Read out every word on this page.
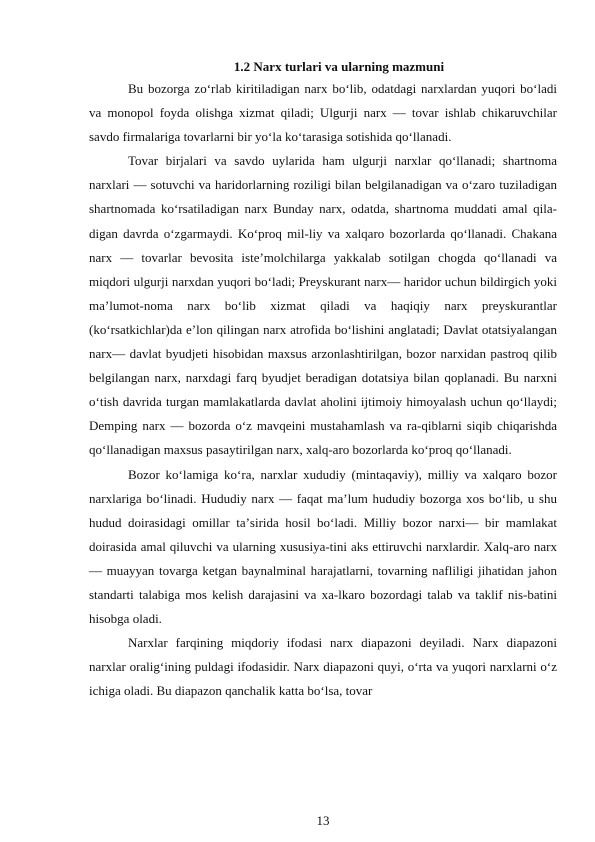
1.2 Narx turlari va ularning mazmuni

Bu bozorga zoʻrlab kiritiladigan narx boʻlib, odatdagi narxlardan yuqori boʻladi va monopol foyda olishga xizmat qiladi; Ulgurji narx — tovar ishlab chikaruvchilar savdo firmalariga tovarlarni bir yoʻla koʻtarasiga sotishida qoʻllanadi.

Tovar birjalari va savdo uylarida ham ulgurji narxlar qoʻllanadi; shartnoma narxlari — sotuvchi va haridorlarning roziligi bilan belgilanadigan va oʻzaro tuziladigan shartnomada koʻrsatiladigan narx Bunday narx, odatda, shartnoma muddati amal qila-digan davrda oʻzgarmaydi. Koʻproq mil-liy va xalqaro bozorlarda qoʻllanadi. Chakana narx — tovarlar bevosita isteʼmolchilarga yakkalab sotilgan chogda qoʻllanadi va miqdori ulgurji narxdan yuqori boʻladi; Preyskurant narx— haridor uchun bildirgich yoki maʼlumot-noma narx boʻlib xizmat qiladi va haqiqiy narx preyskurantlar (koʻrsatkichlar)da eʼlon qilingan narx atrofida boʻlishini anglatadi; Davlat otatsiyalangan narx— davlat byudjeti hisobidan maxsus arzonlashtirilgan, bozor narxidan pastroq qilib belgilangan narx, narxdagi farq byudjet beradigan dotatsiya bilan qoplanadi. Bu narxni oʻtish davrida turgan mamlakatlarda davlat aholini ijtimoiy himoyalash uchun qoʻllaydi; Demping narx — bozorda oʻz mavqeini mustahamlash va ra-qiblarni siqib chiqarishda qoʻllanadigan maxsus pasaytirilgan narx, xalq-aro bozorlarda koʻproq qoʻllanadi.

Bozor koʻlamiga koʻra, narxlar xududiy (mintaqaviy), milliy va xalqaro bozor narxlariga boʻlinadi. Hududiy narx — faqat maʼlum hududiy bozorga xos boʻlib, u shu hudud doirasidagi omillar taʼsirida hosil boʻladi. Milliy bozor narxi— bir mamlakat doirasida amal qiluvchi va ularning xususiya-tini aks ettiruvchi narxlardir. Xalq-aro narx — muayyan tovarga ketgan baynalminal harajatlarni, tovarning nafliligi jihatidan jahon standarti talabiga mos kelish darajasini va xa-lkaro bozordagi talab va taklif nis-batini hisobga oladi.

Narxlar farqining miqdoriy ifodasi narx diapazoni deyiladi. Narx diapazoni narxlar oraligʻining puldagi ifodasidir. Narx diapazoni quyi, oʻrta va yuqori narxlarni oʻz ichiga oladi. Bu diapazon qanchalik katta boʻlsa, tovar

13
